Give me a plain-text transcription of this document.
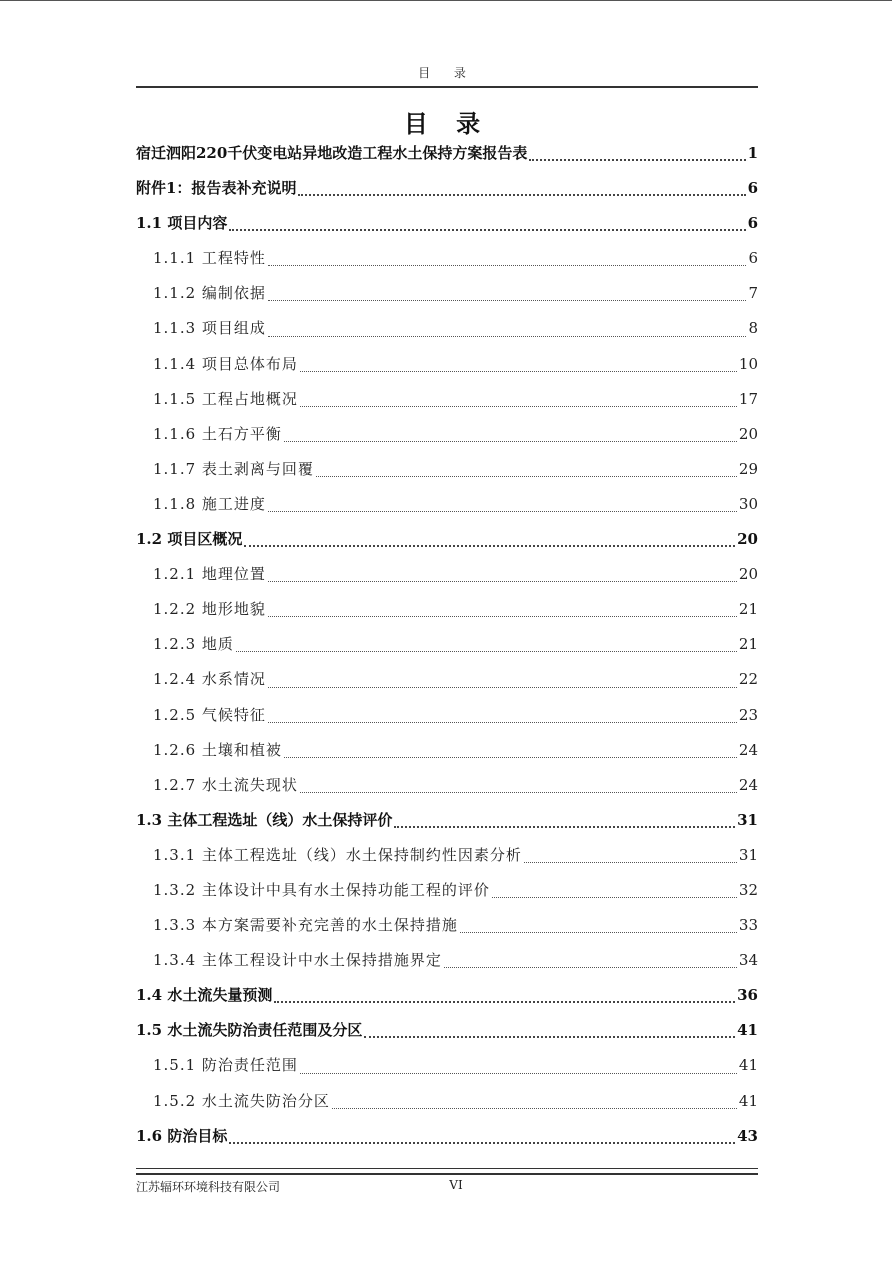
目 录
目 录
宿迁泗阳220千伏变电站异地改造工程水土保持方案报告表	1
附件1：报告表补充说明	6
1.1 项目内容	6
1.1.1 工程特性	6
1.1.2 编制依据	7
1.1.3 项目组成	8
1.1.4 项目总体布局	10
1.1.5 工程占地概况	17
1.1.6 土石方平衡	20
1.1.7 表土剥离与回覆	29
1.1.8 施工进度	30
1.2 项目区概况	20
1.2.1 地理位置	20
1.2.2 地形地貌	21
1.2.3 地质	21
1.2.4 水系情况	22
1.2.5 气候特征	23
1.2.6 土壤和植被	24
1.2.7 水土流失现状	24
1.3 主体工程选址（线）水土保持评价	31
1.3.1 主体工程选址（线）水土保持制约性因素分析	31
1.3.2 主体设计中具有水土保持功能工程的评价	32
1.3.3 本方案需要补充完善的水土保持措施	33
1.3.4 主体工程设计中水土保持措施界定	34
1.4 水土流失量预测	36
1.5 水土流失防治责任范围及分区	41
1.5.1 防治责任范围	41
1.5.2 水土流失防治分区	41
1.6 防治目标	43
江苏辐环环境科技有限公司	VI
